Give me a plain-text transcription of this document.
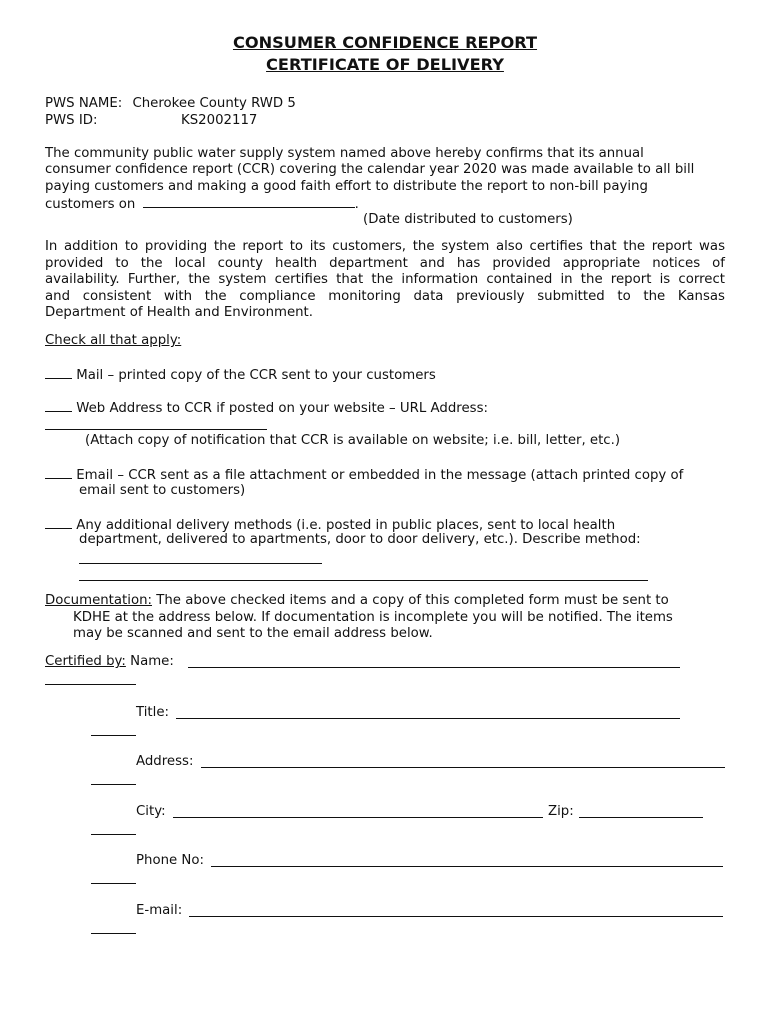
CONSUMER CONFIDENCE REPORT
CERTIFICATE OF DELIVERY
PWS NAME: Cherokee County RWD 5
PWS ID:	KS2002117
The community public water supply system named above hereby confirms that its annual
consumer confidence report (CCR) covering the calendar year 2020 was made available to all bill
paying customers and making a good faith effort to distribute the report to non-bill paying
customers on	.
(Date distributed to customers)
In addition to providing the report to its customers, the system also certifies that the report was
provided to the local county health department and has provided appropriate notices of
availability. Further, the system certifies that the information contained in the report is correct
and consistent with the compliance monitoring data previously submitted to the Kansas
Department of Health and Environment.
Check all that apply:
Mail – printed copy of the CCR sent to your customers
Web Address to CCR if posted on your website – URL Address:
(Attach copy of notification that CCR is available on website; i.e. bill, letter, etc.)
Email – CCR sent as a file attachment or embedded in the message (attach printed copy of
email sent to customers)
Any additional delivery methods (i.e. posted in public places, sent to local health
department, delivered to apartments, door to door delivery, etc.). Describe method:
Documentation: The above checked items and a copy of this completed form must be sent to
KDHE at the address below. If documentation is incomplete you will be notified. The items
may be scanned and sent to the email address below.
Certified by: Name:
Title:
Address:
City:	Zip:
Phone No:
E-mail:
